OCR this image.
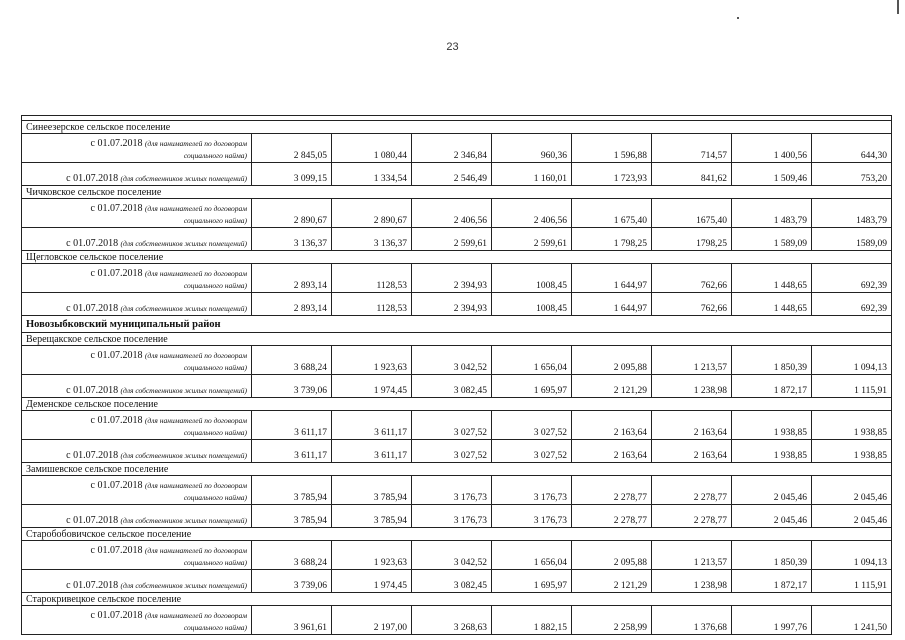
23

Синеезерское сельское поселение								
с 01.07.2018 (для нанимателей по договорам
социального найма)	2 845,05	1 080,44	2 346,84	960,36	1 596,88	714,57	1 400,56	644,30
с 01.07.2018 (для собственников жилых помещений)	3 099,15	1 334,54	2 546,49	1 160,01	1 723,93	841,62	1 509,46	753,20
Чичковское сельское поселение								
с 01.07.2018 (для нанимателей по договорам
социального найма)	2 890,67	2 890,67	2 406,56	2 406,56	1 675,40	1675,40	1 483,79	1483,79
с 01.07.2018 (для собственников жилых помещений)	3 136,37	3 136,37	2 599,61	2 599,61	1 798,25	1798,25	1 589,09	1589,09
Щегловское сельское поселение								
с 01.07.2018 (для нанимателей по договорам
социального найма)	2 893,14	1128,53	2 394,93	1008,45	1 644,97	762,66	1 448,65	692,39
с 01.07.2018 (для собственников жилых помещений)	2 893,14	1128,53	2 394,93	1008,45	1 644,97	762,66	1 448,65	692,39
Новозыбковский муниципальный район								
Верещакское сельское поселение								
с 01.07.2018 (для нанимателей по договорам
социального найма)	3 688,24	1 923,63	3 042,52	1 656,04	2 095,88	1 213,57	1 850,39	1 094,13
с 01.07.2018 (для собственников жилых помещений)	3 739,06	1 974,45	3 082,45	1 695,97	2 121,29	1 238,98	1 872,17	1 115,91
Деменское сельское поселение								
с 01.07.2018 (для нанимателей по договорам
социального найма)	3 611,17	3 611,17	3 027,52	3 027,52	2 163,64	2 163,64	1 938,85	1 938,85
с 01.07.2018 (для собственников жилых помещений)	3 611,17	3 611,17	3 027,52	3 027,52	2 163,64	2 163,64	1 938,85	1 938,85
Замишевское сельское поселение								
с 01.07.2018 (для нанимателей по договорам
социального найма)	3 785,94	3 785,94	3 176,73	3 176,73	2 278,77	2 278,77	2 045,46	2 045,46
с 01.07.2018 (для собственников жилых помещений)	3 785,94	3 785,94	3 176,73	3 176,73	2 278,77	2 278,77	2 045,46	2 045,46
Старобобовичское сельское поселение								
с 01.07.2018 (для нанимателей по договорам
социального найма)	3 688,24	1 923,63	3 042,52	1 656,04	2 095,88	1 213,57	1 850,39	1 094,13
с 01.07.2018 (для собственников жилых помещений)	3 739,06	1 974,45	3 082,45	1 695,97	2 121,29	1 238,98	1 872,17	1 115,91
Старокривецкое сельское поселение								
с 01.07.2018 (для нанимателей по договорам
социального найма)	3 961,61	2 197,00	3 268,63	1 882,15	2 258,99	1 376,68	1 997,76	1 241,50
